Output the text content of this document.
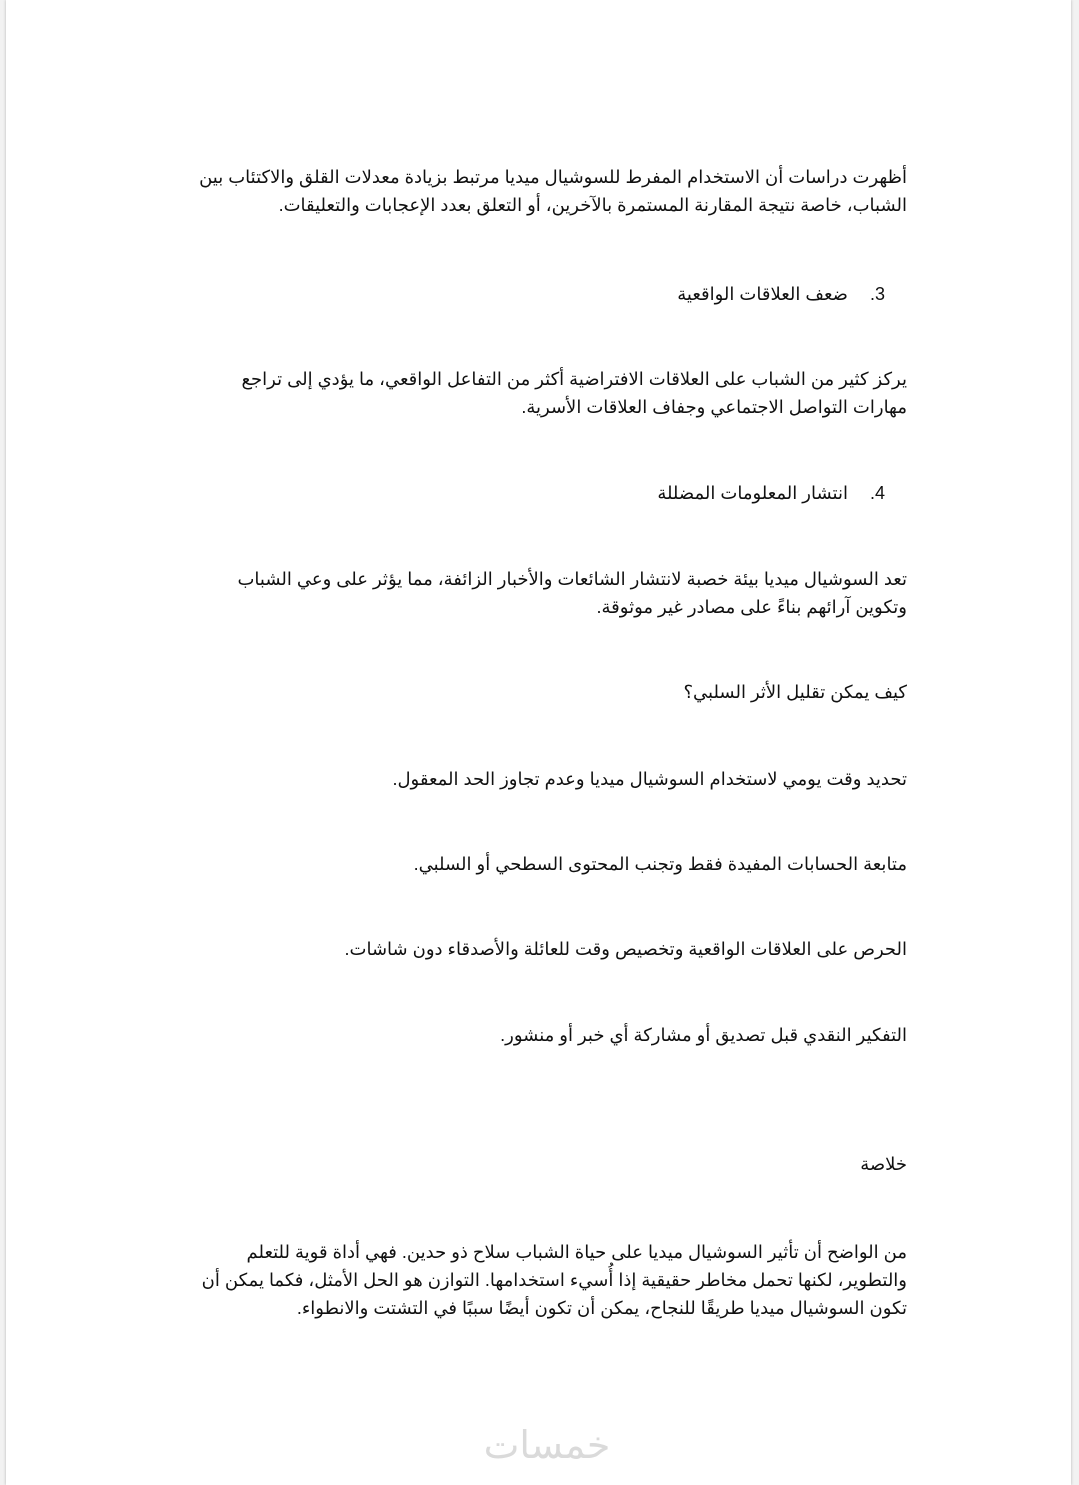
أظهرت دراسات أن الاستخدام المفرط للسوشيال ميديا مرتبط بزيادة معدلات القلق والاكتئاب بين الشباب، خاصة نتيجة المقارنة المستمرة بالآخرين، أو التعلق بعدد الإعجابات والتعليقات.

3.
ضعف العلاقات الواقعية

يركز كثير من الشباب على العلاقات الافتراضية أكثر من التفاعل الواقعي، ما يؤدي إلى تراجع مهارات التواصل الاجتماعي وجفاف العلاقات الأسرية.

4.
انتشار المعلومات المضللة

تعد السوشيال ميديا بيئة خصبة لانتشار الشائعات والأخبار الزائفة، مما يؤثر على وعي الشباب وتكوين آرائهم بناءً على مصادر غير موثوقة.

كيف يمكن تقليل الأثر السلبي؟

تحديد وقت يومي لاستخدام السوشيال ميديا وعدم تجاوز الحد المعقول.

متابعة الحسابات المفيدة فقط وتجنب المحتوى السطحي أو السلبي.

الحرص على العلاقات الواقعية وتخصيص وقت للعائلة والأصدقاء دون شاشات.

التفكير النقدي قبل تصديق أو مشاركة أي خبر أو منشور.

خلاصة

من الواضح أن تأثير السوشيال ميديا على حياة الشباب سلاح ذو حدين. فهي أداة قوية للتعلم والتطوير، لكنها تحمل مخاطر حقيقية إذا أُسيء استخدامها. التوازن هو الحل الأمثل، فكما يمكن أن تكون السوشيال ميديا طريقًا للنجاح، يمكن أن تكون أيضًا سببًا في التشتت والانطواء.

خمسات
